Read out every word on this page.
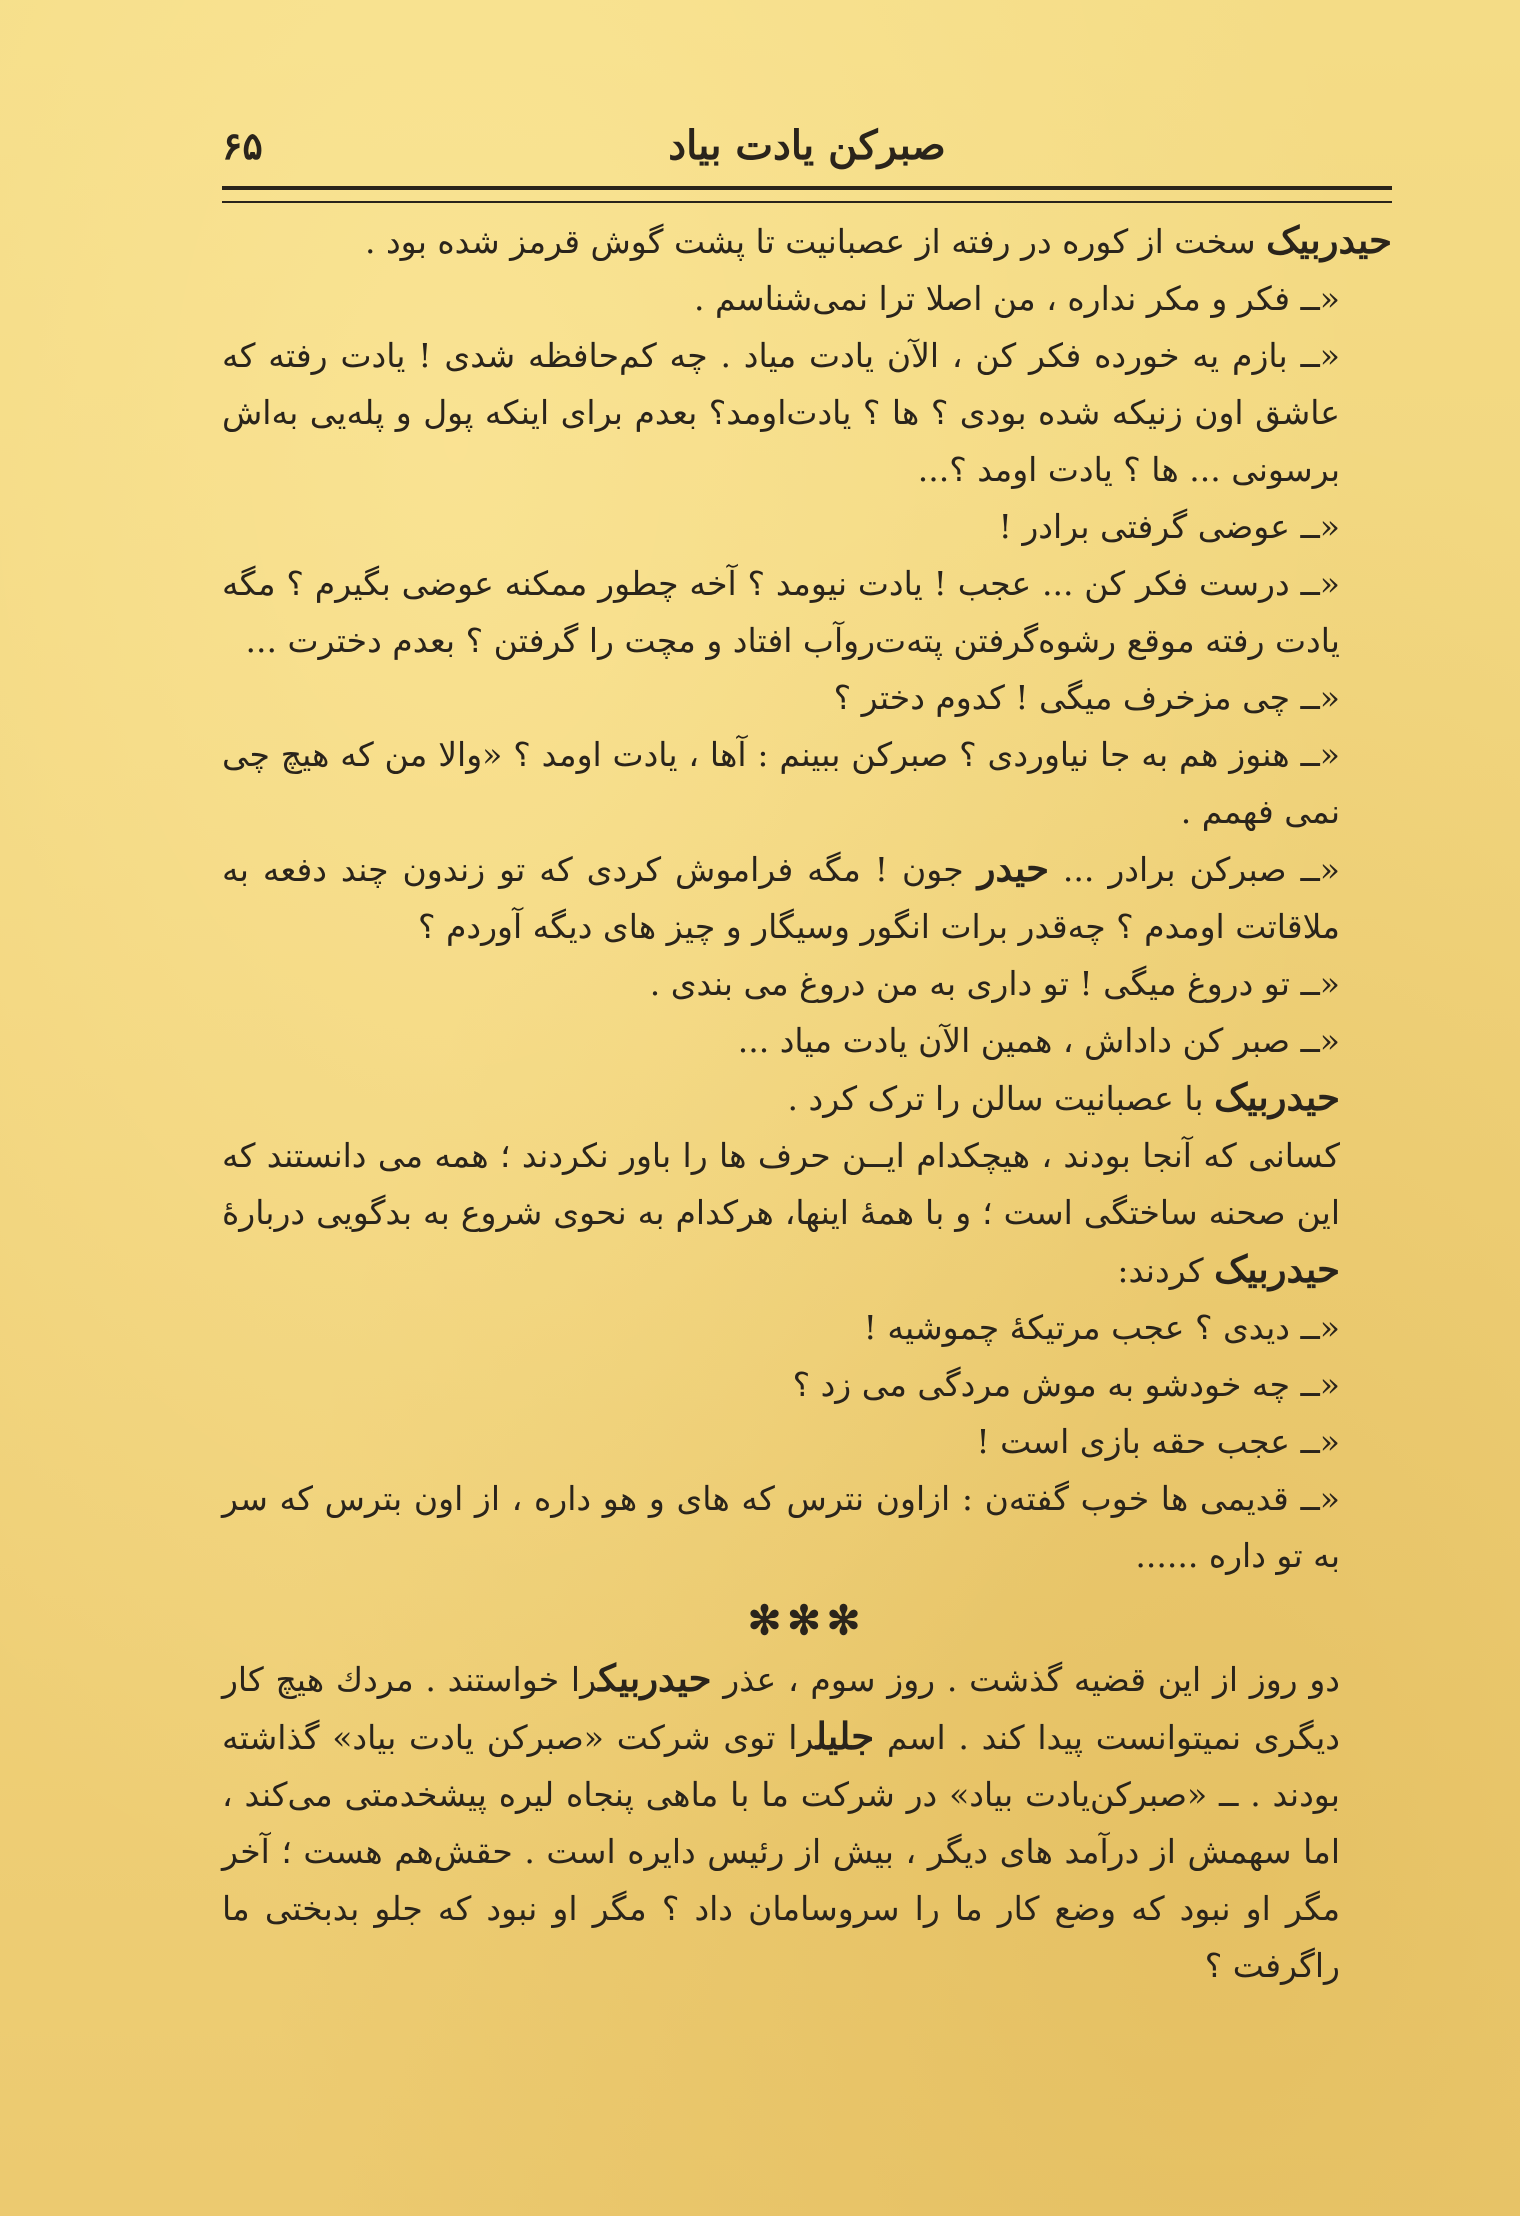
صبرکن یادت بیاد
۶۵

حیدربیک سخت از کوره در رفته از عصبانیت تا پشت گوش قرمز شده بود .

«ــ فکر و مکر نداره ، من اصلا ترا نمی‌شناسم .

«ــ بازم یه خورده فکر کن ، الآن یادت میاد . چه کم‌حافظه شدی ! یادت رفته که عاشق اون زنیکه شده بودی ؟ ها ؟ یادت‌اومد؟ بعدم برای اینکه پول و پله‌یی به‌اش برسونی ... ها ؟ یادت اومد ؟...

«ــ عوضی گرفتی برادر !

«ــ درست فکر کن ... عجب ! یادت نیومد ؟ آخه چطور ممکنه عوضی بگیرم ؟ مگه یادت رفته موقع رشوه‌گرفتن پته‌ت‌روآب افتاد و مچت را گرفتن ؟ بعدم دخترت ...

«ــ چی مزخرف میگی ! کدوم دختر ؟

«ــ هنوز هم به جا نیاوردی ؟ صبرکن ببینم : آها ، یادت اومد ؟ «والا من که هیچ چی نمی فهمم .

«ــ صبرکن برادر ... حیدر جون ! مگه فراموش کردی که تو زندون چند دفعه به ملاقاتت اومدم ؟ چه‌قدر برات انگور وسیگار و چیز های دیگه آوردم ؟

«ــ تو دروغ میگی ! تو داری به من دروغ می بندی .

«ــ صبر کن داداش ، همین الآن یادت میاد ...

حیدربیک با عصبانیت سالن را ترک کرد .

کسانی که آنجا بودند ، هیچکدام ایــن حرف ها را باور نکردند ؛ همه می دانستند که این صحنه ساختگی است ؛ و با همهٔ اینها، هرکدام به نحوی شروع به بدگویی دربارهٔ حیدربیک کردند:

«ــ دیدی ؟ عجب مرتیکهٔ چموشیه !

«ــ چه خودشو به موش مردگی می زد ؟

«ــ عجب حقه بازی است !

«ــ قدیمی ها خوب گفته‌ن : ازاون نترس که های و هو داره ، از اون بترس که سر به تو داره ......

✻✻✻

دو روز از این قضیه گذشت . روز سوم ، عذر حیدربیکرا خواستند . مردك هیچ کار دیگری نمیتوانست پیدا کند . اسم جلیلرا توی شرکت «صبرکن یادت بیاد» گذاشته بودند . ــ «صبرکن‌یادت بیاد» در شرکت ما با ماهی پنجاه لیره پیشخدمتی می‌کند ، اما سهمش از درآمد های دیگر ، بیش از رئیس دایره است . حقش‌هم هست ؛ آخر مگر او نبود که وضع کار ما را سروسامان داد ؟ مگر او نبود که جلو بدبختی ما راگرفت ؟
